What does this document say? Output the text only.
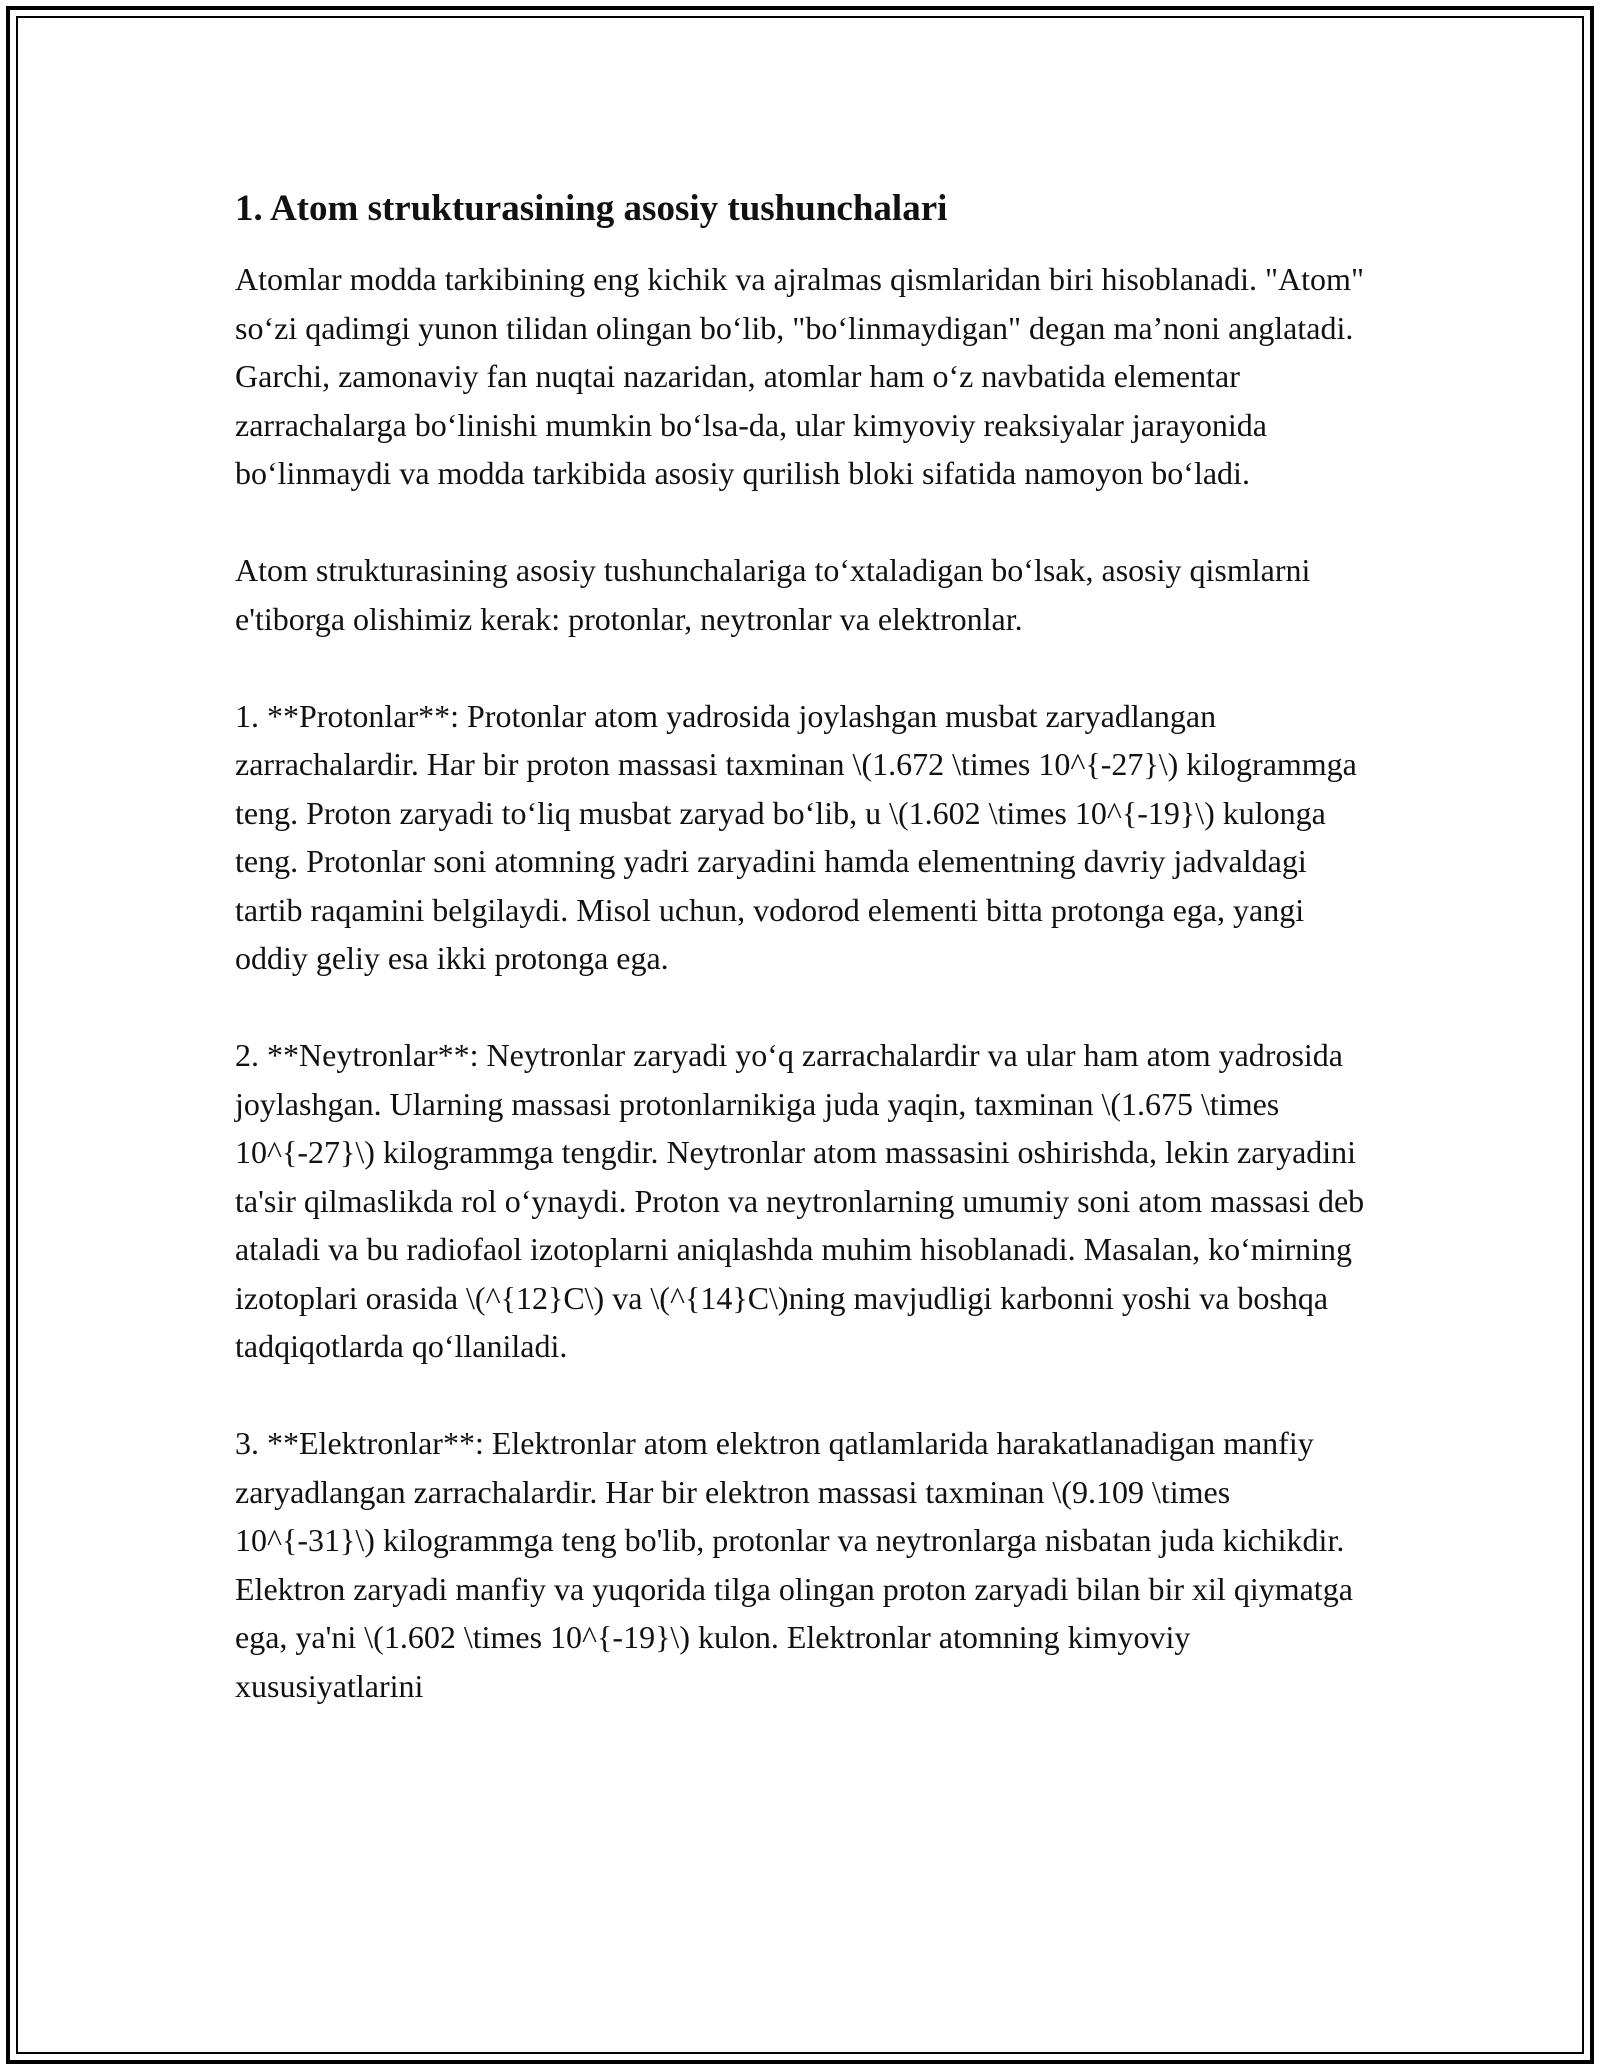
1. Atom strukturasining asosiy tushunchalari

Atomlar modda tarkibining eng kichik va ajralmas qismlaridan biri hisoblanadi. "Atom" so‘zi qadimgi yunon tilidan olingan bo‘lib, "bo‘linmaydigan" degan ma’noni anglatadi. Garchi, zamonaviy fan nuqtai nazaridan, atomlar ham o‘z navbatida elementar zarrachalarga bo‘linishi mumkin bo‘lsa-da, ular kimyoviy reaksiyalar jarayonida bo‘linmaydi va modda tarkibida asosiy qurilish bloki sifatida namoyon bo‘ladi.

Atom strukturasining asosiy tushunchalariga to‘xtaladigan bo‘lsak, asosiy qismlarni e'tiborga olishimiz kerak: protonlar, neytronlar va elektronlar.

1. **Protonlar**: Protonlar atom yadrosida joylashgan musbat zaryadlangan zarrachalardir. Har bir proton massasi taxminan \(1.672 \times 10^{-27}\) kilogrammga teng. Proton zaryadi to‘liq musbat zaryad bo‘lib, u \(1.602 \times 10^{-19}\) kulonga teng. Protonlar soni atomning yadri zaryadini hamda elementning davriy jadvaldagi tartib raqamini belgilaydi. Misol uchun, vodorod elementi bitta protonga ega, yangi oddiy geliy esa ikki protonga ega.

2. **Neytronlar**: Neytronlar zaryadi yo‘q zarrachalardir va ular ham atom yadrosida joylashgan. Ularning massasi protonlarnikiga juda yaqin, taxminan \(1.675 \times 10^{-27}\) kilogrammga tengdir. Neytronlar atom massasini oshirishda, lekin zaryadini ta'sir qilmaslikda rol o‘ynaydi. Proton va neytronlarning umumiy soni atom massasi deb ataladi va bu radiofaol izotoplarni aniqlashda muhim hisoblanadi. Masalan, ko‘mirning izotoplari orasida \(^{12}C\) va \(^{14}C\)ning mavjudligi karbonni yoshi va boshqa tadqiqotlarda qo‘llaniladi.

3. **Elektronlar**: Elektronlar atom elektron qatlamlarida harakatlanadigan manfiy zaryadlangan zarrachalardir. Har bir elektron massasi taxminan \(9.109 \times 10^{-31}\) kilogrammga teng bo'lib, protonlar va neytronlarga nisbatan juda kichikdir. Elektron zaryadi manfiy va yuqorida tilga olingan proton zaryadi bilan bir xil qiymatga ega, ya'ni \(1.602 \times 10^{-19}\) kulon. Elektronlar atomning kimyoviy xususiyatlarini
